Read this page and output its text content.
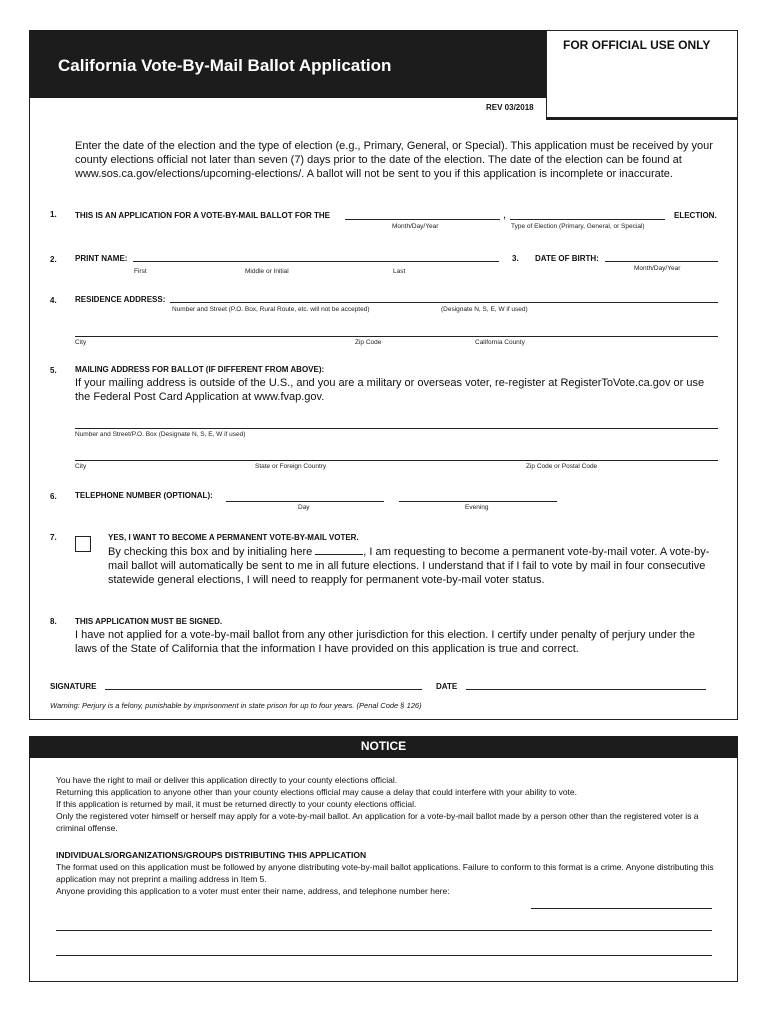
California Vote-By-Mail Ballot Application
FOR OFFICIAL USE ONLY
REV 03/2018
Enter the date of the election and the type of election (e.g., Primary, General, or Special). This application must be received by your county elections official not later than seven (7) days prior to the date of the election. The date of the election can be found at www.sos.ca.gov/elections/upcoming-elections/. A ballot will not be sent to you if this application is incomplete or inaccurate.
1. THIS IS AN APPLICATION FOR A VOTE-BY-MAIL BALLOT FOR THE	,	ELECTION.
Month/Day/Year	Type of Election (Primary, General, or Special)
2. PRINT NAME:
First	Middle or Initial	Last
3. DATE OF BIRTH:
Month/Day/Year
4. RESIDENCE ADDRESS:
Number and Street (P.O. Box, Rural Route, etc. will not be accepted)	(Designate N, S, E, W if used)
City	Zip Code	California County
5. MAILING ADDRESS FOR BALLOT (IF DIFFERENT FROM ABOVE):
If your mailing address is outside of the U.S., and you are a military or overseas voter, re-register at RegisterToVote.ca.gov or use the Federal Post Card Application at www.fvap.gov.
Number and Street/P.O. Box (Designate N, S, E, W if used)
City	State or Foreign Country	Zip Code or Postal Code
6. TELEPHONE NUMBER (OPTIONAL):
Day	Evening
7.	YES, I WANT TO BECOME A PERMANENT VOTE-BY-MAIL VOTER.
By checking this box and by initialing here	, I am requesting to become a permanent vote-by-mail voter. A vote-by-mail ballot will automatically be sent to me in all future elections. I understand that if I fail to vote by mail in four consecutive statewide general elections, I will need to reapply for permanent vote-by-mail voter status.
8. THIS APPLICATION MUST BE SIGNED.
I have not applied for a vote-by-mail ballot from any other jurisdiction for this election. I certify under penalty of perjury under the laws of the State of California that the information I have provided on this application is true and correct.
SIGNATURE	DATE
Warning: Perjury is a felony, punishable by imprisonment in state prison for up to four years. (Penal Code § 126)
NOTICE
You have the right to mail or deliver this application directly to your county elections official.
Returning this application to anyone other than your county elections official may cause a delay that could interfere with your ability to vote.
If this application is returned by mail, it must be returned directly to your county elections official.
Only the registered voter himself or herself may apply for a vote-by-mail ballot. An application for a vote-by-mail ballot made by a person other than the registered voter is a criminal offense.
INDIVIDUALS/ORGANIZATIONS/GROUPS DISTRIBUTING THIS APPLICATION
The format used on this application must be followed by anyone distributing vote-by-mail ballot applications. Failure to conform to this format is a crime. Anyone distributing this application may not preprint a mailing address in Item 5.
Anyone providing this application to a voter must enter their name, address, and telephone number here:
